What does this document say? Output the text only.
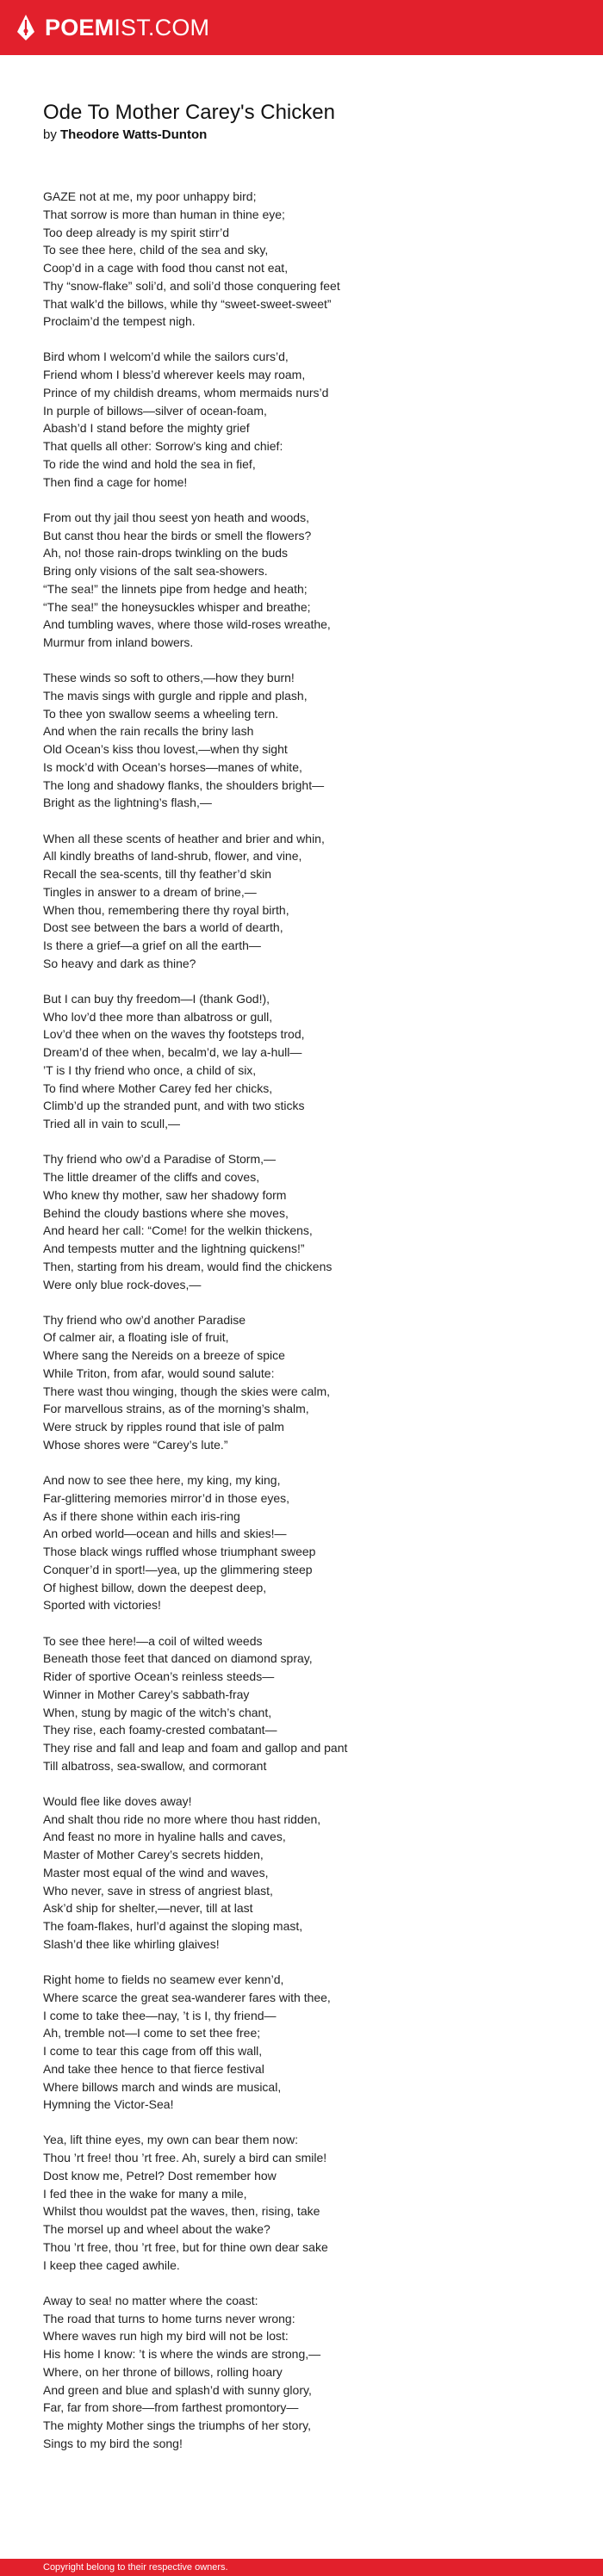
POEMIST.COM
Ode To Mother Carey's Chicken
by Theodore Watts-Dunton
GAZE not at me, my poor unhappy bird;
That sorrow is more than human in thine eye;
Too deep already is my spirit stirr’d
To see thee here, child of the sea and sky,
Coop’d in a cage with food thou canst not eat,
Thy “snow-flake” soli’d, and soli’d those conquering feet
That walk’d the billows, while thy “sweet-sweet-sweet”
Proclaim’d the tempest nigh.
Bird whom I welcom’d while the sailors curs’d,
Friend whom I bless’d wherever keels may roam,
Prince of my childish dreams, whom mermaids nurs’d
In purple of billows—silver of ocean-foam,
Abash’d I stand before the mighty grief
That quells all other: Sorrow’s king and chief:
To ride the wind and hold the sea in fief,
Then find a cage for home!
From out thy jail thou seest yon heath and woods,
But canst thou hear the birds or smell the flowers?
Ah, no! those rain-drops twinkling on the buds
Bring only visions of the salt sea-showers.
“The sea!” the linnets pipe from hedge and heath;
“The sea!” the honeysuckles whisper and breathe;
And tumbling waves, where those wild-roses wreathe,
Murmur from inland bowers.
These winds so soft to others,—how they burn!
The mavis sings with gurgle and ripple and plash,
To thee yon swallow seems a wheeling tern.
And when the rain recalls the briny lash
Old Ocean’s kiss thou lovest,—when thy sight
Is mock’d with Ocean’s horses—manes of white,
The long and shadowy flanks, the shoulders bright—
Bright as the lightning’s flash,—
When all these scents of heather and brier and whin,
All kindly breaths of land-shrub, flower, and vine,
Recall the sea-scents, till thy feather’d skin
Tingles in answer to a dream of brine,—
When thou, remembering there thy royal birth,
Dost see between the bars a world of dearth,
Is there a grief—a grief on all the earth—
So heavy and dark as thine?
But I can buy thy freedom—I (thank God!),
Who lov’d thee more than albatross or gull,
Lov’d thee when on the waves thy footsteps trod,
Dream’d of thee when, becalm’d, we lay a-hull—
’T is I thy friend who once, a child of six,
To find where Mother Carey fed her chicks,
Climb’d up the stranded punt, and with two sticks
Tried all in vain to scull,—
Thy friend who ow’d a Paradise of Storm,—
The little dreamer of the cliffs and coves,
Who knew thy mother, saw her shadowy form
Behind the cloudy bastions where she moves,
And heard her call: “Come! for the welkin thickens,
And tempests mutter and the lightning quickens!”
Then, starting from his dream, would find the chickens
Were only blue rock-doves,—
Thy friend who ow’d another Paradise
Of calmer air, a floating isle of fruit,
Where sang the Nereids on a breeze of spice
While Triton, from afar, would sound salute:
There wast thou winging, though the skies were calm,
For marvellous strains, as of the morning’s shalm,
Were struck by ripples round that isle of palm
Whose shores were “Carey’s lute.”
And now to see thee here, my king, my king,
Far-glittering memories mirror’d in those eyes,
As if there shone within each iris-ring
An orbed world—ocean and hills and skies!—
Those black wings ruffled whose triumphant sweep
Conquer’d in sport!—yea, up the glimmering steep
Of highest billow, down the deepest deep,
Sported with victories!
To see thee here!—a coil of wilted weeds
Beneath those feet that danced on diamond spray,
Rider of sportive Ocean’s reinless steeds—
Winner in Mother Carey’s sabbath-fray
When, stung by magic of the witch’s chant,
They rise, each foamy-crested combatant—
They rise and fall and leap and foam and gallop and pant
Till albatross, sea-swallow, and cormorant
Would flee like doves away!
And shalt thou ride no more where thou hast ridden,
And feast no more in hyaline halls and caves,
Master of Mother Carey’s secrets hidden,
Master most equal of the wind and waves,
Who never, save in stress of angriest blast,
Ask’d ship for shelter,—never, till at last
The foam-flakes, hurl’d against the sloping mast,
Slash’d thee like whirling glaives!
Right home to fields no seamew ever kenn’d,
Where scarce the great sea-wanderer fares with thee,
I come to take thee—nay, ’t is I, thy friend—
Ah, tremble not—I come to set thee free;
I come to tear this cage from off this wall,
And take thee hence to that fierce festival
Where billows march and winds are musical,
Hymning the Victor-Sea!
Yea, lift thine eyes, my own can bear them now:
Thou ’rt free! thou ’rt free. Ah, surely a bird can smile!
Dost know me, Petrel? Dost remember how
I fed thee in the wake for many a mile,
Whilst thou wouldst pat the waves, then, rising, take
The morsel up and wheel about the wake?
Thou ’rt free, thou ’rt free, but for thine own dear sake
I keep thee caged awhile.
Away to sea! no matter where the coast:
The road that turns to home turns never wrong:
Where waves run high my bird will not be lost:
His home I know: ’t is where the winds are strong,—
Where, on her throne of billows, rolling hoary
And green and blue and splash’d with sunny glory,
Far, far from shore—from farthest promontory—
The mighty Mother sings the triumphs of her story,
Sings to my bird the song!
Copyright belong to their respective owners.
